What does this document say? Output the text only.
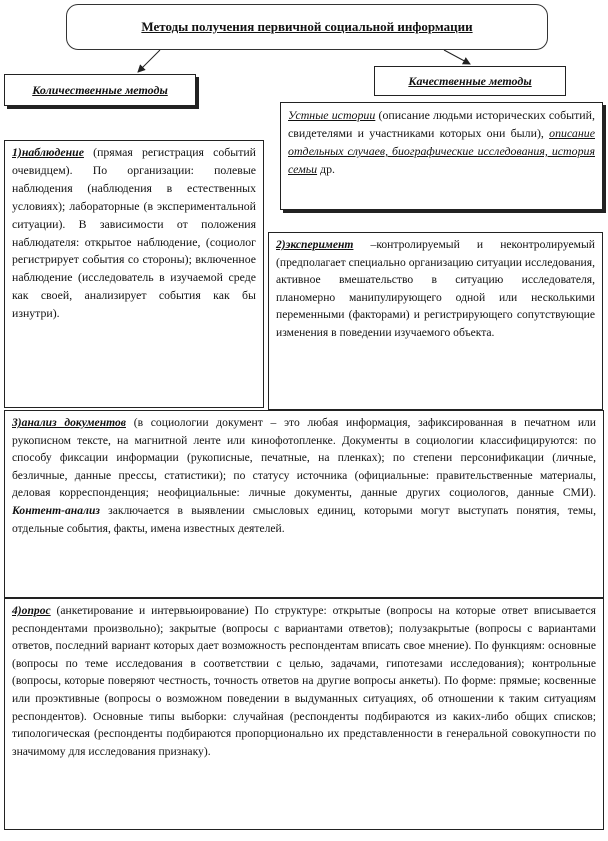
Методы получения первичной социальной информации
Количественные методы
Качественные методы
Устные истории (описание людьми исторических событий, свидетелями и участниками которых они были), описание отдельных случаев, биографические исследования, история семьи др.
1)наблюдение (прямая регистрация событий очевидцем). По организации: полевые наблюдения (наблюдения в естественных условиях); лабораторные (в экспериментальной ситуации). В зависимости от положения наблюдателя: открытое наблюдение, (социолог регистрирует события со стороны); включенное наблюдение (исследователь в изучаемой среде как своей, анализирует события как бы изнутри).
2)эксперимент –контролируемый и неконтролируемый (предполагает специально организацию ситуации исследования, активное вмешательство в ситуацию исследователя, планомерно манипулирующего одной или несколькими переменными (факторами) и регистрирующего сопутствующие изменения в поведении изучаемого объекта.
3)анализ документов (в социологии документ – это любая информация, зафиксированная в печатном или рукописном тексте, на магнитной ленте или кинофотопленке. Документы в социологии классифицируются: по способу фиксации информации (рукописные, печатные, на пленках); по степени персонификации (личные, безличные, данные прессы, статистики); по статусу источника (официальные: правительственные материалы, деловая корреспонденция; неофициальные: личные документы, данные других социологов, данные СМИ). Контент-анализ заключается в выявлении смысловых единиц, которыми могут выступать понятия, темы, отдельные события, факты, имена известных деятелей.
4)опрос (анкетирование и интервьюирование) По структуре: открытые (вопросы на которые ответ вписывается респондентами произвольно); закрытые (вопросы с вариантами ответов); полузакрытые (вопросы с вариантами ответов, последний вариант которых дает возможность респондентам вписать свое мнение). По функциям: основные (вопросы по теме исследования в соответствии с целью, задачами, гипотезами исследования); контрольные (вопросы, которые поверяют честность, точность ответов на другие вопросы анкеты). По форме: прямые; косвенные или проэктивные (вопросы о возможном поведении в выдуманных ситуациях, об отношении к таким ситуациям респондентов). Основные типы выборки: случайная (респонденты подбираются из каких-либо общих списков; типологическая (респонденты подбираются пропорционально их представленности в генеральной совокупности по значимому для исследования признаку).
